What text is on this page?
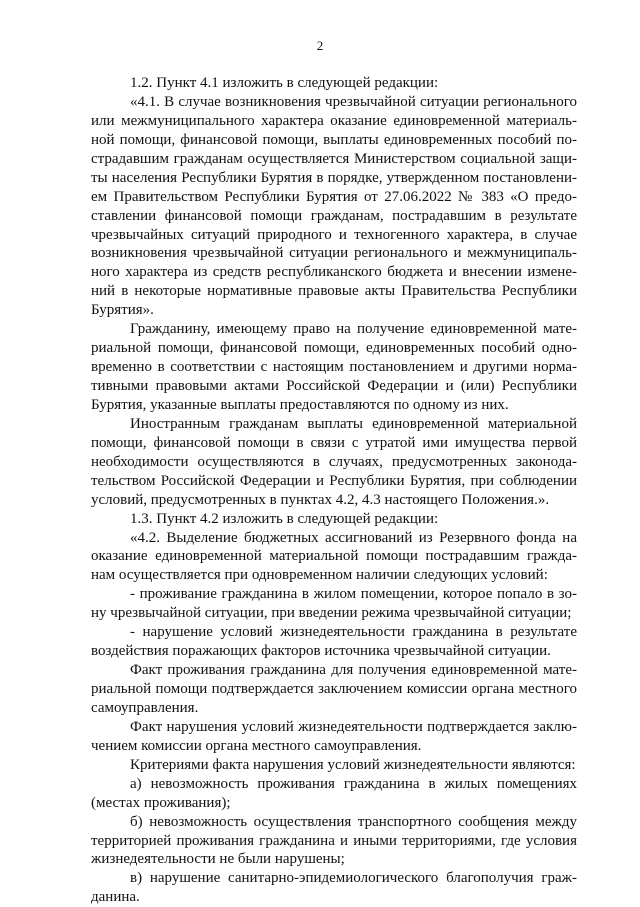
2
1.2. Пункт 4.1 изложить в следующей редакции:
«4.1. В случае возникновения чрезвычайной ситуации регионального
или межмуниципального характера оказание единовременной материаль-
ной помощи, финансовой помощи, выплаты единовременных пособий по-
страдавшим гражданам осуществляется Министерством социальной защи-
ты населения Республики Бурятия в порядке, утвержденном постановлени-
ем Правительством Республики Бурятия от 27.06.2022 № 383 «О предо-
ставлении финансовой помощи гражданам, пострадавшим в результате
чрезвычайных ситуаций природного и техногенного характера, в случае
возникновения чрезвычайной ситуации регионального и межмуниципаль-
ного характера из средств республиканского бюджета и внесении измене-
ний в некоторые нормативные правовые акты Правительства Республики
Бурятия».
Гражданину, имеющему право на получение единовременной мате-
риальной помощи, финансовой помощи, единовременных пособий одно-
временно в соответствии с настоящим постановлением и другими норма-
тивными правовыми актами Российской Федерации и (или) Республики
Бурятия, указанные выплаты предоставляются по одному из них.
Иностранным гражданам выплаты единовременной материальной
помощи, финансовой помощи в связи с утратой ими имущества первой
необходимости осуществляются в случаях, предусмотренных законода-
тельством Российской Федерации и Республики Бурятия, при соблюдении
условий, предусмотренных в пунктах 4.2, 4.3 настоящего Положения.».
1.3. Пункт 4.2 изложить в следующей редакции:
«4.2. Выделение бюджетных ассигнований из Резервного фонда на
оказание единовременной материальной помощи пострадавшим гражда-
нам осуществляется при одновременном наличии следующих условий:
- проживание гражданина в жилом помещении, которое попало в зо-
ну чрезвычайной ситуации, при введении режима чрезвычайной ситуации;
- нарушение условий жизнедеятельности гражданина в результате
воздействия поражающих факторов источника чрезвычайной ситуации.
Факт проживания гражданина для получения единовременной мате-
риальной помощи подтверждается заключением комиссии органа местного
самоуправления.
Факт нарушения условий жизнедеятельности подтверждается заклю-
чением комиссии органа местного самоуправления.
Критериями факта нарушения условий жизнедеятельности являются:
а) невозможность проживания гражданина в жилых помещениях
(местах проживания);
б) невозможность осуществления транспортного сообщения между
территорией проживания гражданина и иными территориями, где условия
жизнедеятельности не были нарушены;
в) нарушение санитарно-эпидемиологического благополучия граж-
данина.
